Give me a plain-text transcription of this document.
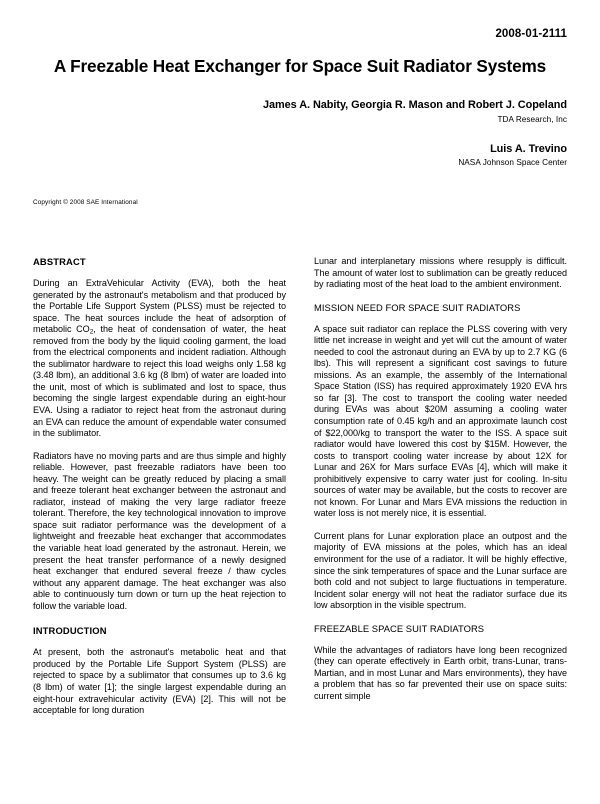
2008-01-2111
A Freezable Heat Exchanger for Space Suit Radiator Systems
James A. Nabity, Georgia R. Mason and Robert J. Copeland
TDA Research, Inc
Luis A. Trevino
NASA Johnson Space Center
Copyright © 2008 SAE International
ABSTRACT

During an ExtraVehicular Activity (EVA), both the heat generated by the astronaut's metabolism and that produced by the Portable Life Support System (PLSS) must be rejected to space. The heat sources include the heat of adsorption of metabolic $CO_2$, the heat of condensation of water, the heat removed from the body by the liquid cooling garment, the load from the electrical components and incident radiation. Although the sublimator hardware to reject this load weighs only 1.58 kg (3.48 lbm), an additional 3.6 kg (8 lbm) of water are loaded into the unit, most of which is sublimated and lost to space, thus becoming the single largest expendable during an eight-hour EVA. Using a radiator to reject heat from the astronaut during an EVA can reduce the amount of expendable water consumed in the sublimator.

Radiators have no moving parts and are thus simple and highly reliable. However, past freezable radiators have been too heavy. The weight can be greatly reduced by placing a small and freeze tolerant heat exchanger between the astronaut and radiator, instead of making the very large radiator freeze tolerant. Therefore, the key technological innovation to improve space suit radiator performance was the development of a lightweight and freezable heat exchanger that accommodates the variable heat load generated by the astronaut. Herein, we present the heat transfer performance of a newly designed heat exchanger that endured several freeze / thaw cycles without any apparent damage. The heat exchanger was also able to continuously turn down or turn up the heat rejection to follow the variable load.

INTRODUCTION

At present, both the astronaut's metabolic heat and that produced by the Portable Life Support System (PLSS) are rejected to space by a sublimator that consumes up to 3.6 kg (8 lbm) of water [1]; the single largest expendable during an eight-hour extravehicular activity (EVA) [2]. This will not be acceptable for long duration

Lunar and interplanetary missions where resupply is difficult. The amount of water lost to sublimation can be greatly reduced by radiating most of the heat load to the ambient environment.

MISSION NEED FOR SPACE SUIT RADIATORS

A space suit radiator can replace the PLSS covering with very little net increase in weight and yet will cut the amount of water needed to cool the astronaut during an EVA by up to 2.7 KG (6 lbs). This will represent a significant cost savings to future missions. As an example, the assembly of the International Space Station (ISS) has required approximately 1920 EVA hrs so far [3]. The cost to transport the cooling water needed during EVAs was about $20M assuming a cooling water consumption rate of 0.45 kg/h and an approximate launch cost of $22,000/kg to transport the water to the ISS. A space suit radiator would have lowered this cost by $15M. However, the costs to transport cooling water increase by about 12X for Lunar and 26X for Mars surface EVAs [4], which will make it prohibitively expensive to carry water just for cooling. In-situ sources of water may be available, but the costs to recover are not known. For Lunar and Mars EVA missions the reduction in water loss is not merely nice, it is essential.

Current plans for Lunar exploration place an outpost and the majority of EVA missions at the poles, which has an ideal environment for the use of a radiator. It will be highly effective, since the sink temperatures of space and the Lunar surface are both cold and not subject to large fluctuations in temperature. Incident solar energy will not heat the radiator surface due its low absorption in the visible spectrum.

FREEZABLE SPACE SUIT RADIATORS

While the advantages of radiators have long been recognized (they can operate effectively in Earth orbit, trans-Lunar, trans-Martian, and in most Lunar and Mars environments), they have a problem that has so far prevented their use on space suits: current simple
